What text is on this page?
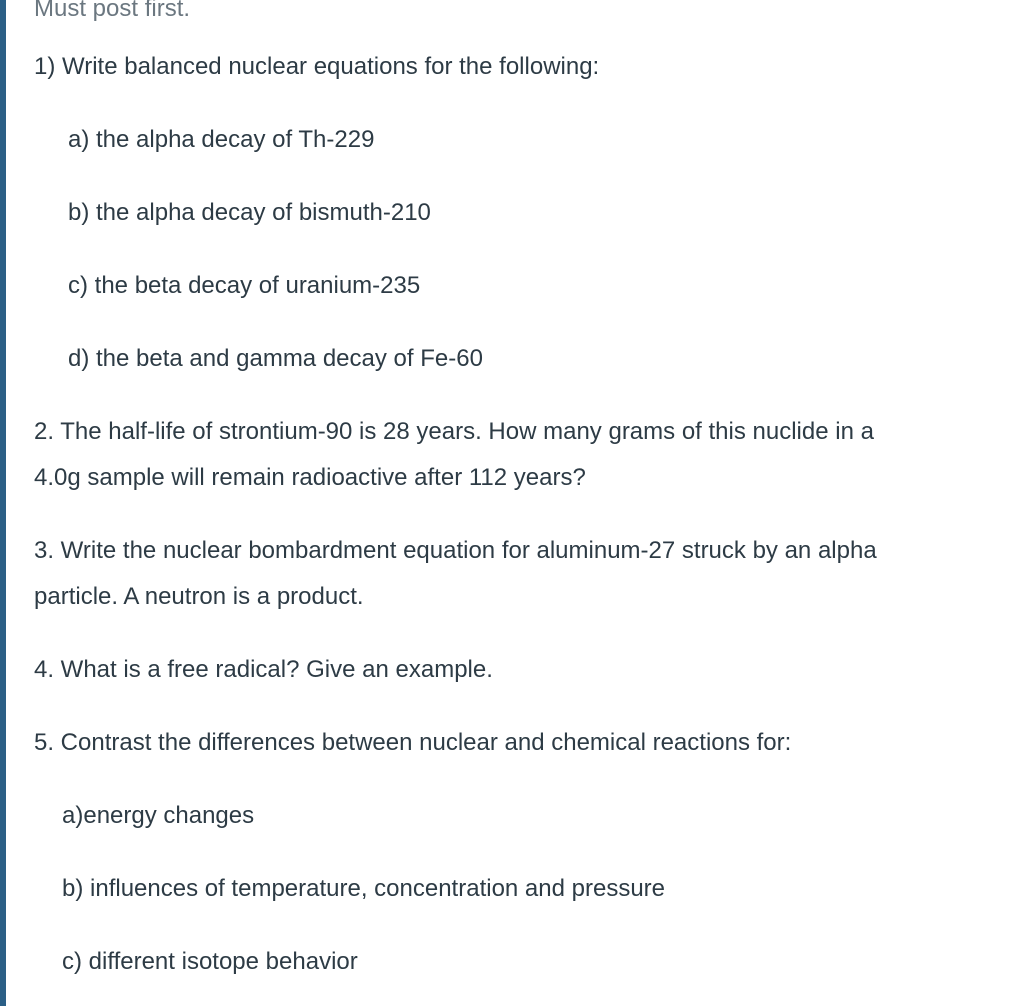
Must post first.

1) Write balanced nuclear equations for the following:

a) the alpha decay of Th-229

b) the alpha decay of bismuth-210

c) the beta decay of uranium-235

d) the beta and gamma decay of Fe-60

2. The half-life of strontium-90 is 28 years. How many grams of this nuclide in a

4.0g sample will remain radioactive after 112 years?

3. Write the nuclear bombardment equation for aluminum-27 struck by an alpha

particle. A neutron is a product.

4. What is a free radical? Give an example.

5. Contrast the differences between nuclear and chemical reactions for:

a)energy changes

b) influences of temperature, concentration and pressure

c) different isotope behavior
